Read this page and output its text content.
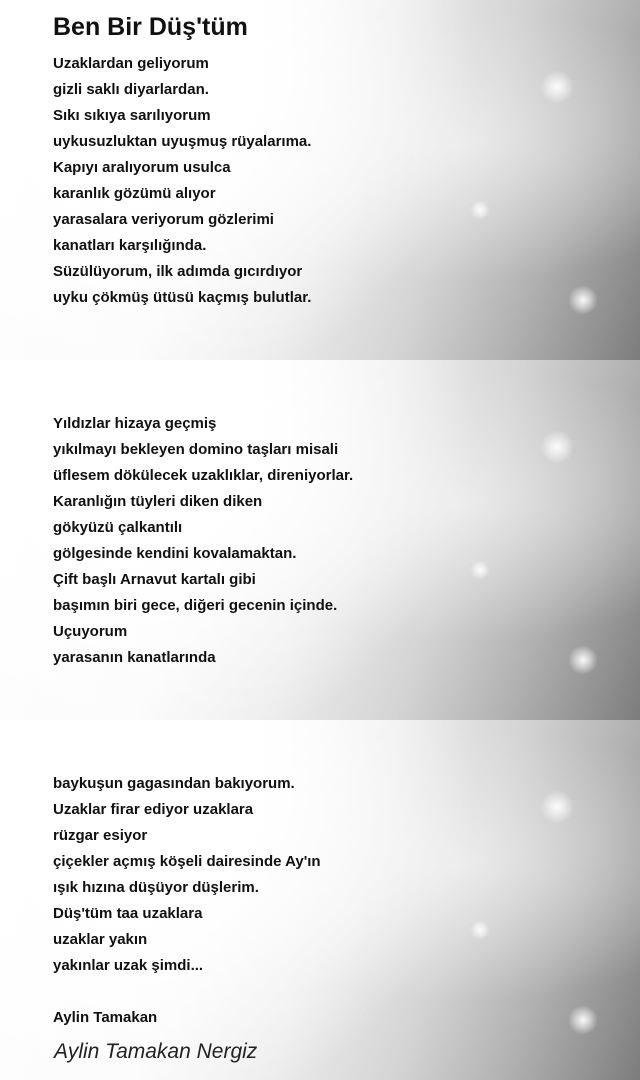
Ben Bir Düş'tüm
Uzaklardan geliyorum
gizli saklı diyarlardan.
Sıkı sıkıya sarılıyorum
uykusuzluktan uyuşmuş rüyalarıma.
Kapıyı aralıyorum usulca
karanlık gözümü alıyor
yarasalara veriyorum gözlerimi
kanatları karşılığında.
Süzülüyorum, ilk adımda gıcırdıyor
uyku çökmüş ütüsü kaçmış bulutlar.
Yıldızlar hizaya geçmiş
yıkılmayı bekleyen domino taşları misali
üflesem dökülecek uzaklıklar, direniyorlar.
Karanlığın tüyleri diken diken
gökyüzü çalkantılı
gölgesinde kendini kovalamaktan.
Çift başlı Arnavut kartalı gibi
başımın biri gece, diğeri gecenin içinde.
Uçuyorum
yarasanın kanatlarında
baykuşun gagasından bakıyorum.
Uzaklar firar ediyor uzaklara
rüzgar esiyor
çiçekler açmış köşeli dairesinde Ay'ın
ışık hızına düşüyor düşlerim.
Düş'tüm taa uzaklara
uzaklar yakın
yakınlar uzak şimdi...
Aylin Tamakan
Aylin Tamakan Nergiz
